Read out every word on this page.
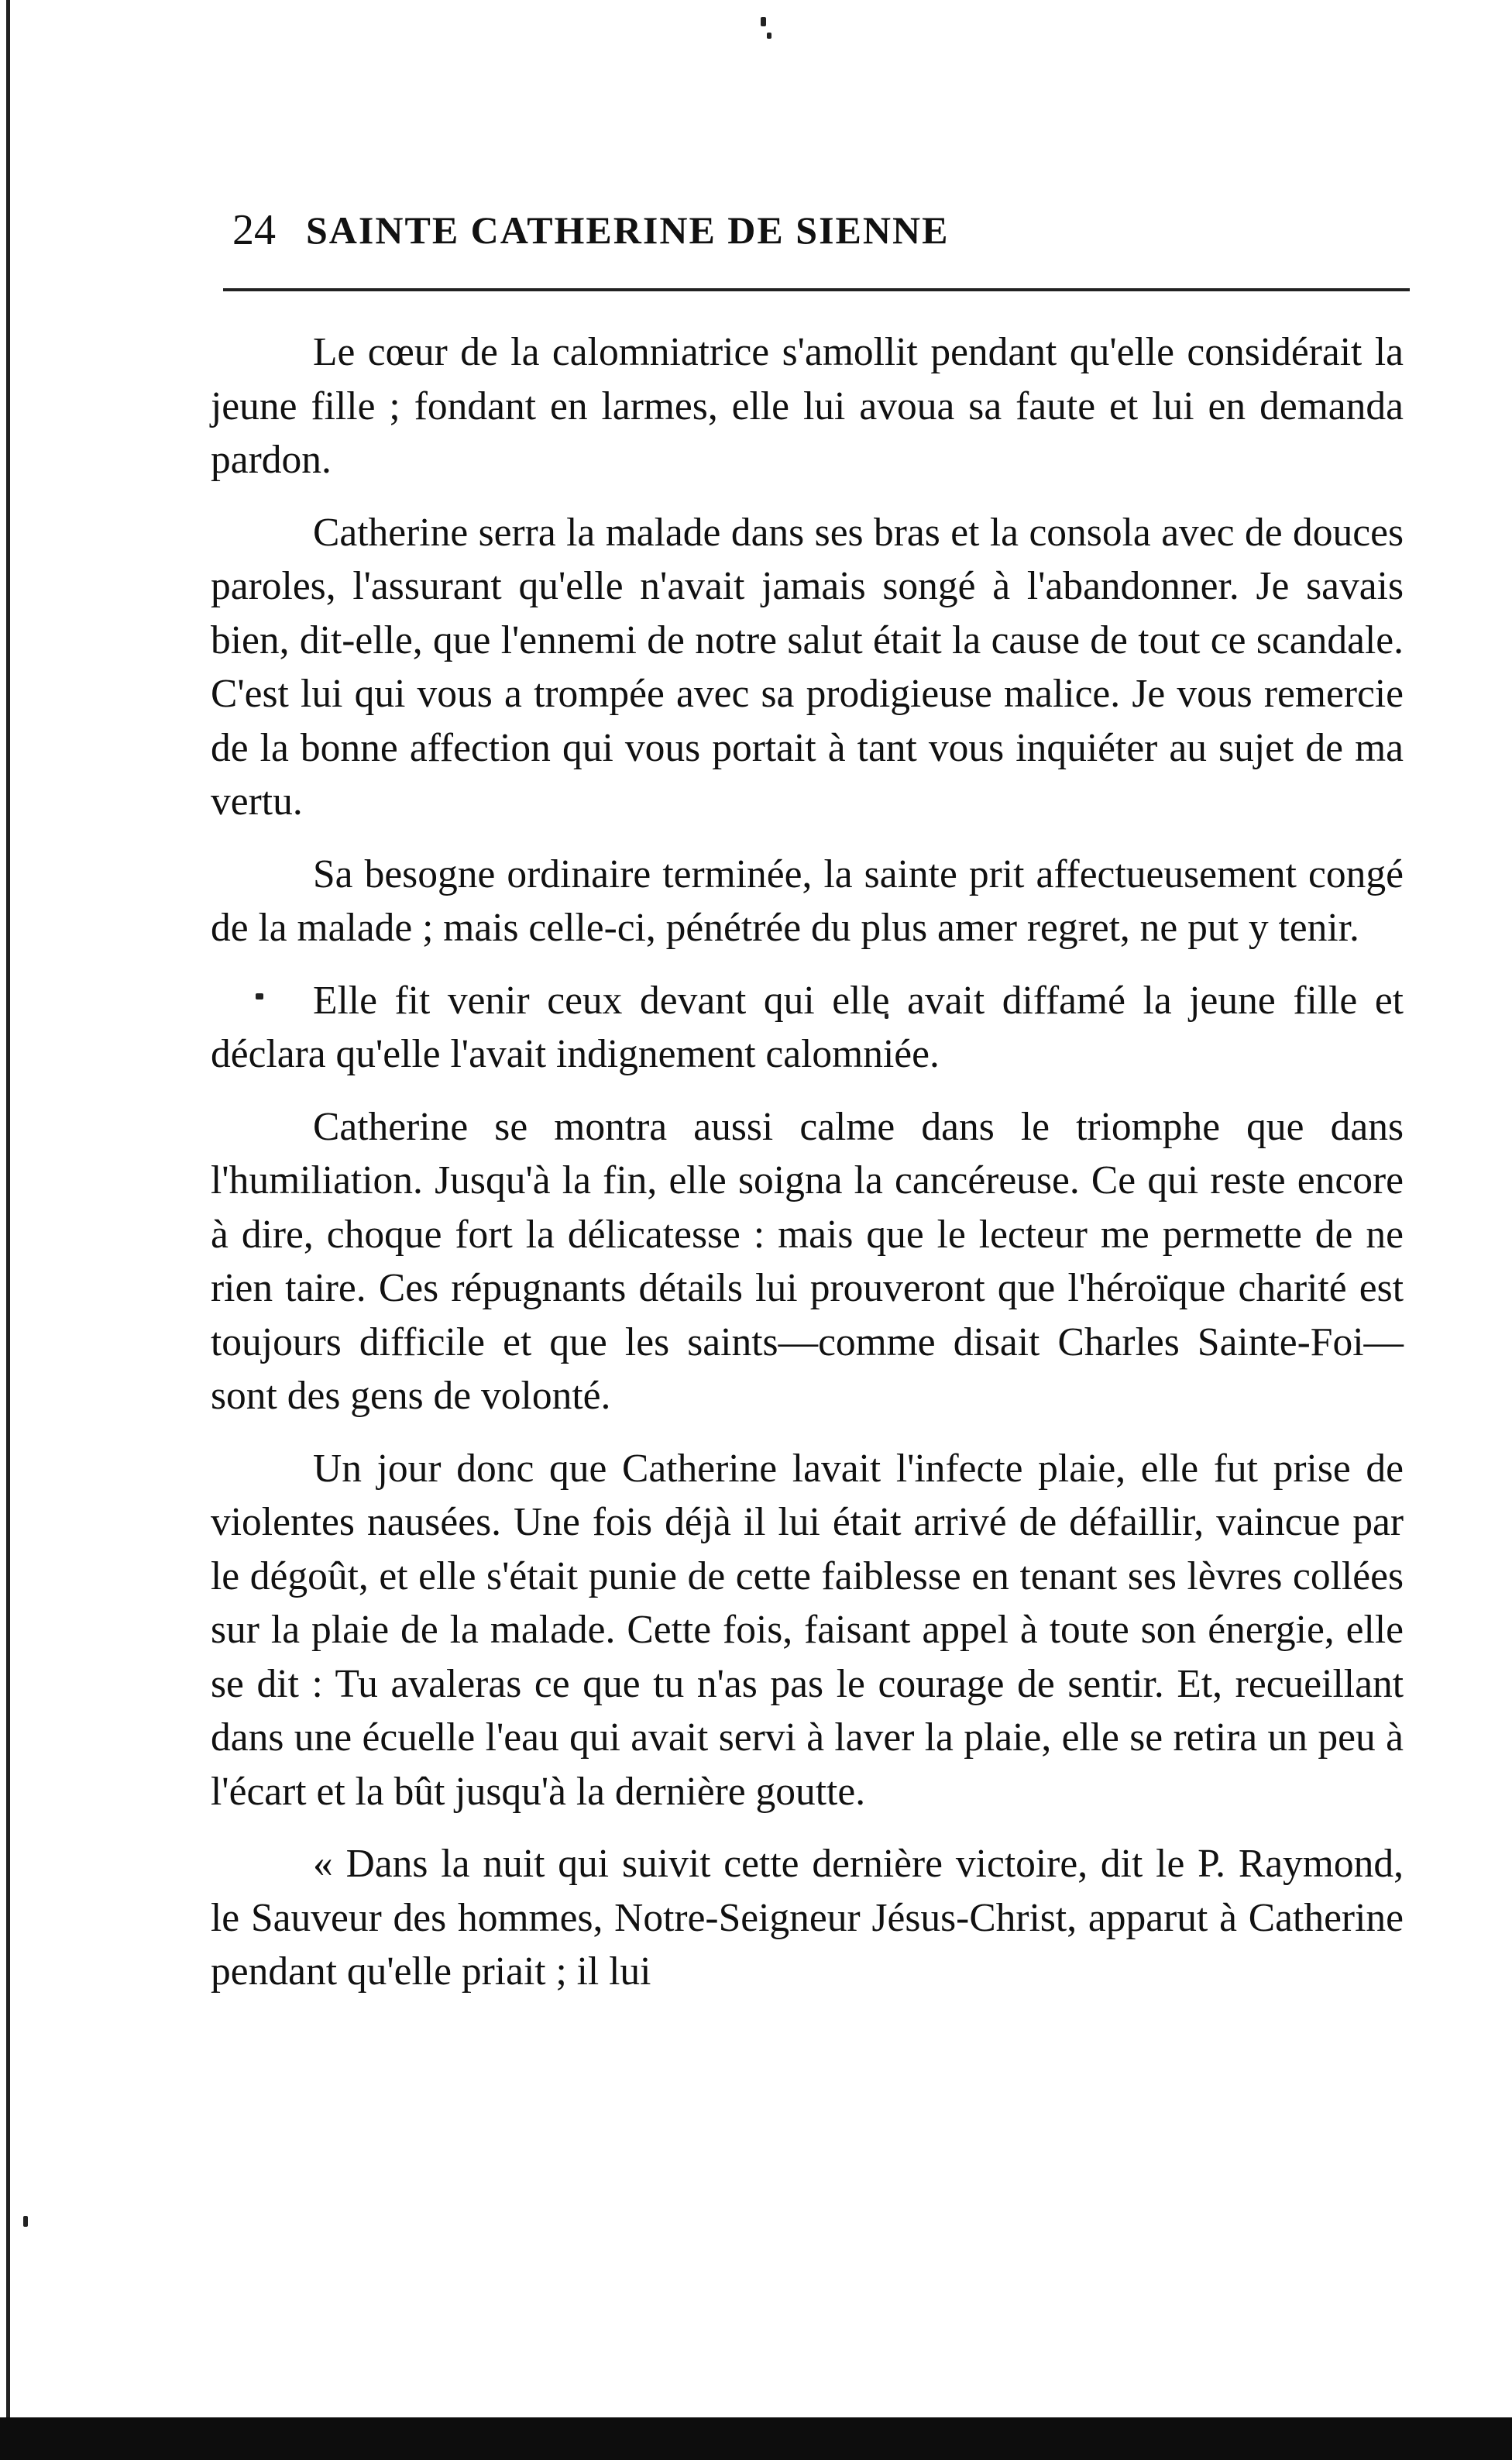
24 SAINTE CATHERINE DE SIENNE

Le cœur de la calomniatrice s'amollit pendant qu'elle considérait la jeune fille ; fondant en larmes, elle lui avoua sa faute et lui en demanda pardon.

Catherine serra la malade dans ses bras et la consola avec de douces paroles, l'assurant qu'elle n'avait jamais songé à l'abandonner. Je savais bien, dit-elle, que l'ennemi de notre salut était la cause de tout ce scandale. C'est lui qui vous a trompée avec sa prodigieuse malice. Je vous remercie de la bonne affection qui vous portait à tant vous inquiéter au sujet de ma vertu.

Sa besogne ordinaire terminée, la sainte prit affectueusement congé de la malade ; mais celle-ci, pénétrée du plus amer regret, ne put y tenir.

Elle fit venir ceux devant qui elle avait diffamé la jeune fille et déclara qu'elle l'avait indignement calomniée.

Catherine se montra aussi calme dans le triomphe que dans l'humiliation. Jusqu'à la fin, elle soigna la cancéreuse. Ce qui reste encore à dire, choque fort la délicatesse : mais que le lecteur me permette de ne rien taire. Ces répugnants détails lui prouveront que l'héroïque charité est toujours difficile et que les saints—comme disait Charles Sainte-Foi—sont des gens de volonté.

Un jour donc que Catherine lavait l'infecte plaie, elle fut prise de violentes nausées. Une fois déjà il lui était arrivé de défaillir, vaincue par le dégoût, et elle s'était punie de cette faiblesse en tenant ses lèvres collées sur la plaie de la malade. Cette fois, faisant appel à toute son énergie, elle se dit : Tu avaleras ce que tu n'as pas le courage de sentir. Et, recueillant dans une écuelle l'eau qui avait servi à laver la plaie, elle se retira un peu à l'écart et la bût jusqu'à la dernière goutte.

« Dans la nuit qui suivit cette dernière victoire, dit le P. Raymond, le Sauveur des hommes, Notre-Seigneur Jésus-Christ, apparut à Catherine pendant qu'elle priait ; il lui
